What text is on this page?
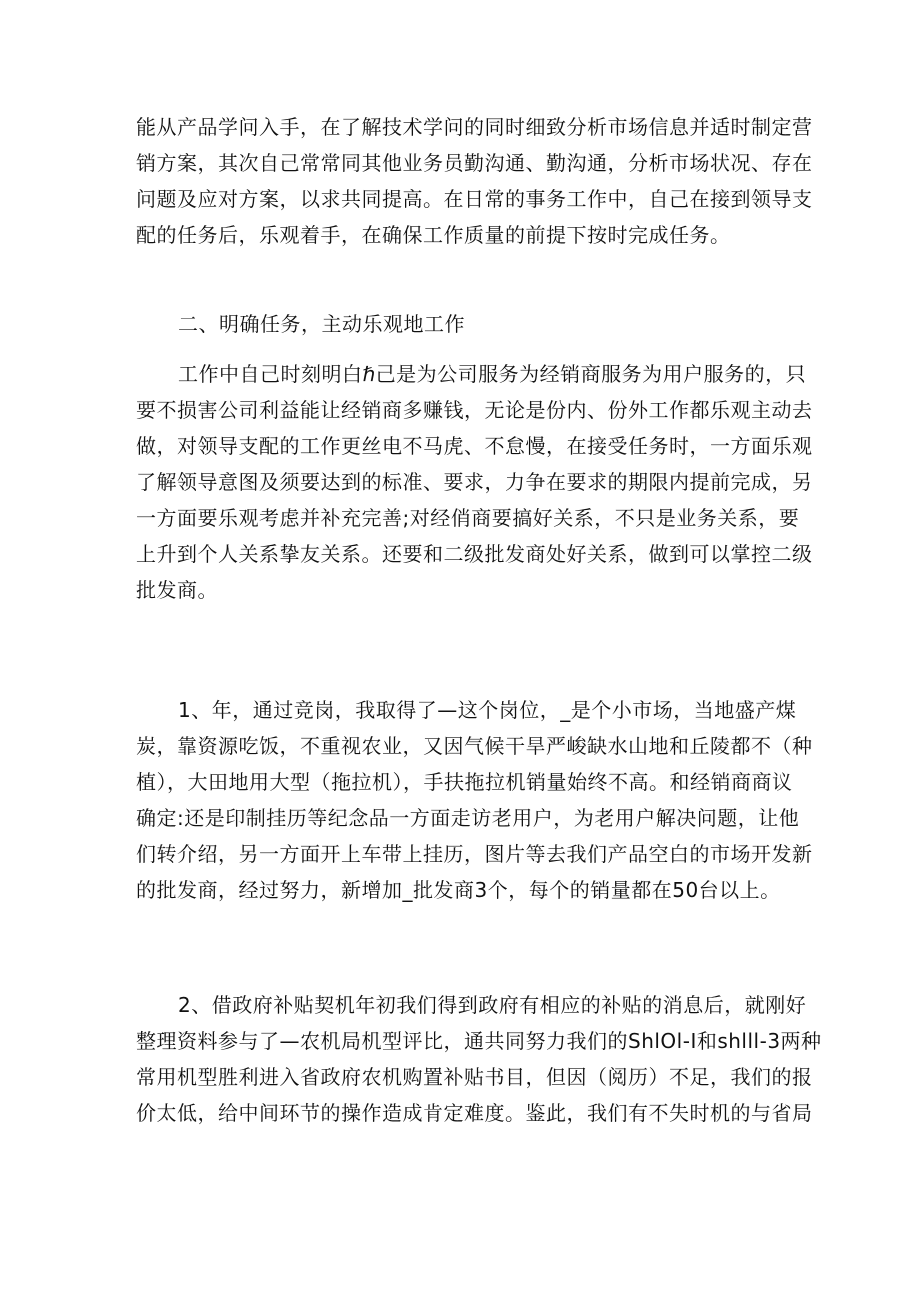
能从产品学问入手，在了解技术学问的同时细致分析市场信息并适时制定营
销方案，其次自己常常同其他业务员勤沟通、勤沟通，分析市场状况、存在
问题及应对方案，以求共同提高。在日常的事务工作中，自己在接到领导支
配的任务后，乐观着手，在确保工作质量的前提下按时完成任务。
二、明确任务，主动乐观地工作
工作中自己时刻明白ℏ己是为公司服务为经销商服务为用户服务的，只
要不损害公司利益能让经销商多赚钱，无论是份内、份外工作都乐观主动去
做，对领导支配的工作更丝电不马虎、不怠慢，在接受任务时，一方面乐观
了解领导意图及须要达到的标准、要求，力争在要求的期限内提前完成，另
一方面要乐观考虑并补充完善;对经俏商要搞好关系，不只是业务关系，要
上升到个人关系挚友关系。还要和二级批发商处好关系，做到可以掌控二级
批发商。
1、年，通过竞岗，我取得了—这个岗位，_是个小市场，当地盛产煤
炭，靠资源吃饭，不重视农业，又因气候干旱严峻缺水山地和丘陵都不（种
植），大田地用大型（拖拉机），手扶拖拉机销量始终不高。和经销商商议
确定:还是印制挂历等纪念品一方面走访老用户，为老用户解决问题，让他
们转介绍，另一方面开上车带上挂历，图片等去我们产品空白的市场开发新
的批发商，经过努力，新增加_批发商3个，每个的销量都在50台以上。
2、借政府补贴契机年初我们得到政府有相应的补贴的消息后，就刚好
整理资料参与了—农机局机型评比，通共同努力我们的ShlOl-I和shlll-3两种
常用机型胜利进入省政府农机购置补贴书目，但因（阅历）不足，我们的报
价太低，给中间环节的操作造成肯定难度。鉴此，我们有不失时机的与省局
